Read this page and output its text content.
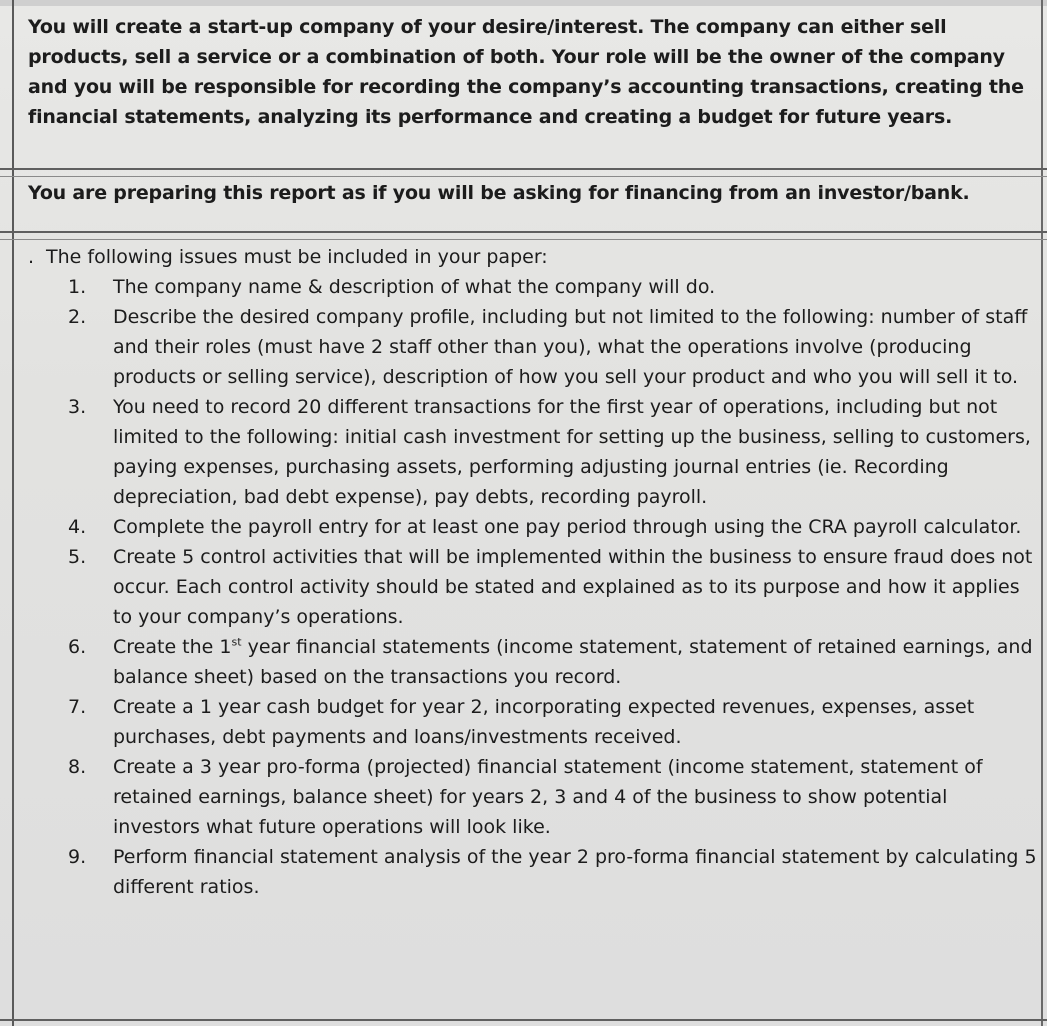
You will create a start-up company of your desire/interest. The company can either sell products, sell a service or a combination of both. Your role will be the owner of the company and you will be responsible for recording the company’s accounting transactions, creating the financial statements, analyzing its performance and creating a budget for future years.
You are preparing this report as if you will be asking for financing from an investor/bank.
. The following issues must be included in your paper:
1.	The company name & description of what the company will do.
2.	Describe the desired company profile, including but not limited to the following: number of staff and their roles (must have 2 staff other than you), what the operations involve (producing products or selling service), description of how you sell your product and who you will sell it to.
3.	You need to record 20 different transactions for the first year of operations, including but not limited to the following: initial cash investment for setting up the business, selling to customers, paying expenses, purchasing assets, performing adjusting journal entries (ie. Recording depreciation, bad debt expense), pay debts, recording payroll.
4.	Complete the payroll entry for at least one pay period through using the CRA payroll calculator.
5.	Create 5 control activities that will be implemented within the business to ensure fraud does not occur. Each control activity should be stated and explained as to its purpose and how it applies to your company’s operations.
6.	Create the 1st year financial statements (income statement, statement of retained earnings, and balance sheet) based on the transactions you record.
7.	Create a 1 year cash budget for year 2, incorporating expected revenues, expenses, asset purchases, debt payments and loans/investments received.
8.	Create a 3 year pro-forma (projected) financial statement (income statement, statement of retained earnings, balance sheet) for years 2, 3 and 4 of the business to show potential investors what future operations will look like.
9.	Perform financial statement analysis of the year 2 pro-forma financial statement by calculating 5 different ratios.
